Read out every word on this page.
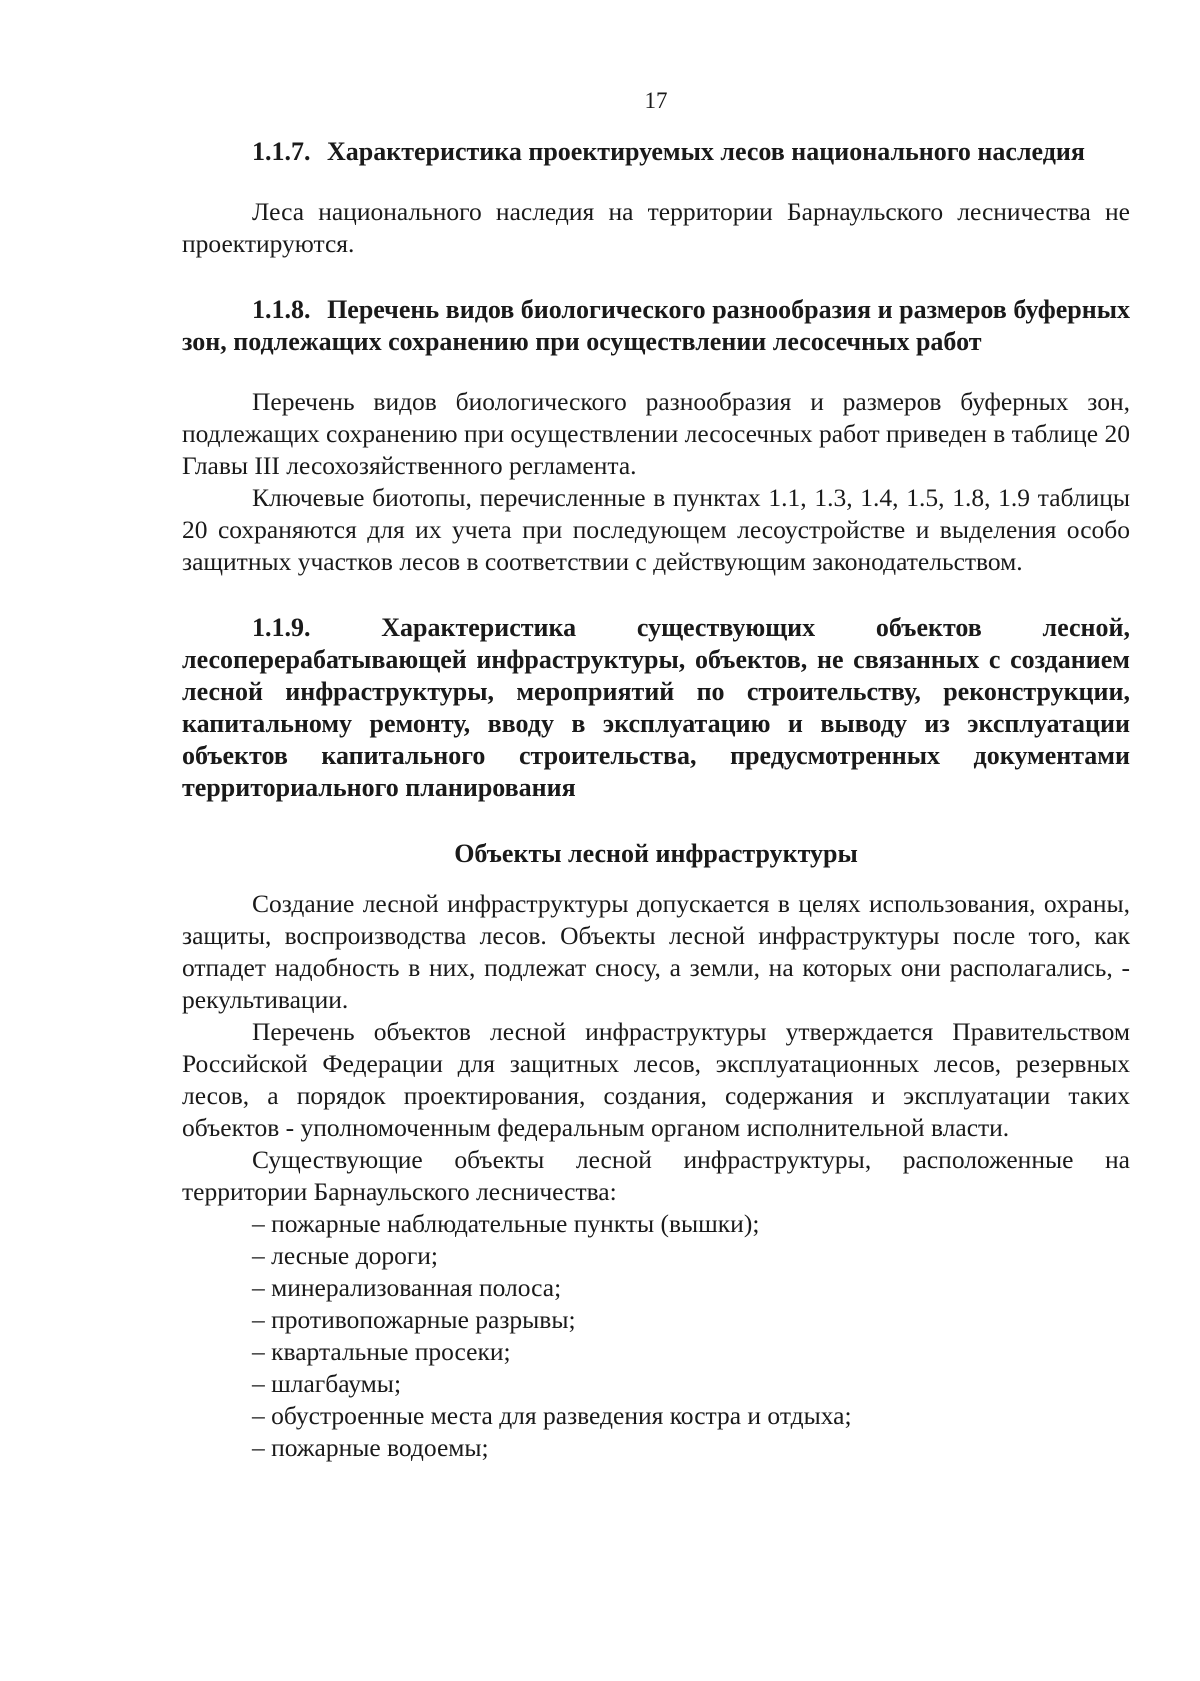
17

1.1.7. Характеристика проектируемых лесов национального наследия

Леса национального наследия на территории Барнаульского лесничества не проектируются.

1.1.8. Перечень видов биологического разнообразия и размеров буферных зон, подлежащих сохранению при осуществлении лесосечных работ

Перечень видов биологического разнообразия и размеров буферных зон, подлежащих сохранению при осуществлении лесосечных работ приведен в таблице 20 Главы III лесохозяйственного регламента.

Ключевые биотопы, перечисленные в пунктах 1.1, 1.3, 1.4, 1.5, 1.8, 1.9 таблицы 20 сохраняются для их учета при последующем лесоустройстве и выделения особо защитных участков лесов в соответствии с действующим законодательством.

1.1.9.	Характеристика существующих объектов лесной, лесоперерабатывающей инфраструктуры, объектов, не связанных с созданием лесной инфраструктуры, мероприятий по строительству, реконструкции, капитальному ремонту, вводу в эксплуатацию и выводу из эксплуатации объектов капитального строительства, предусмотренных документами территориального планирования

Объекты лесной инфраструктуры

Создание лесной инфраструктуры допускается в целях использования, охраны, защиты, воспроизводства лесов. Объекты лесной инфраструктуры после того, как отпадет надобность в них, подлежат сносу, а земли, на которых они располагались, - рекультивации.

Перечень объектов лесной инфраструктуры утверждается Правительством Российской Федерации для защитных лесов, эксплуатационных лесов, резервных лесов, а порядок проектирования, создания, содержания и эксплуатации таких объектов - уполномоченным федеральным органом исполнительной власти.

Существующие объекты лесной инфраструктуры, расположенные на территории Барнаульского лесничества:

– пожарные наблюдательные пункты (вышки);
– лесные дороги;
– минерализованная полоса;
– противопожарные разрывы;
– квартальные просеки;
– шлагбаумы;
– обустроенные места для разведения костра и отдыха;
– пожарные водоемы;
